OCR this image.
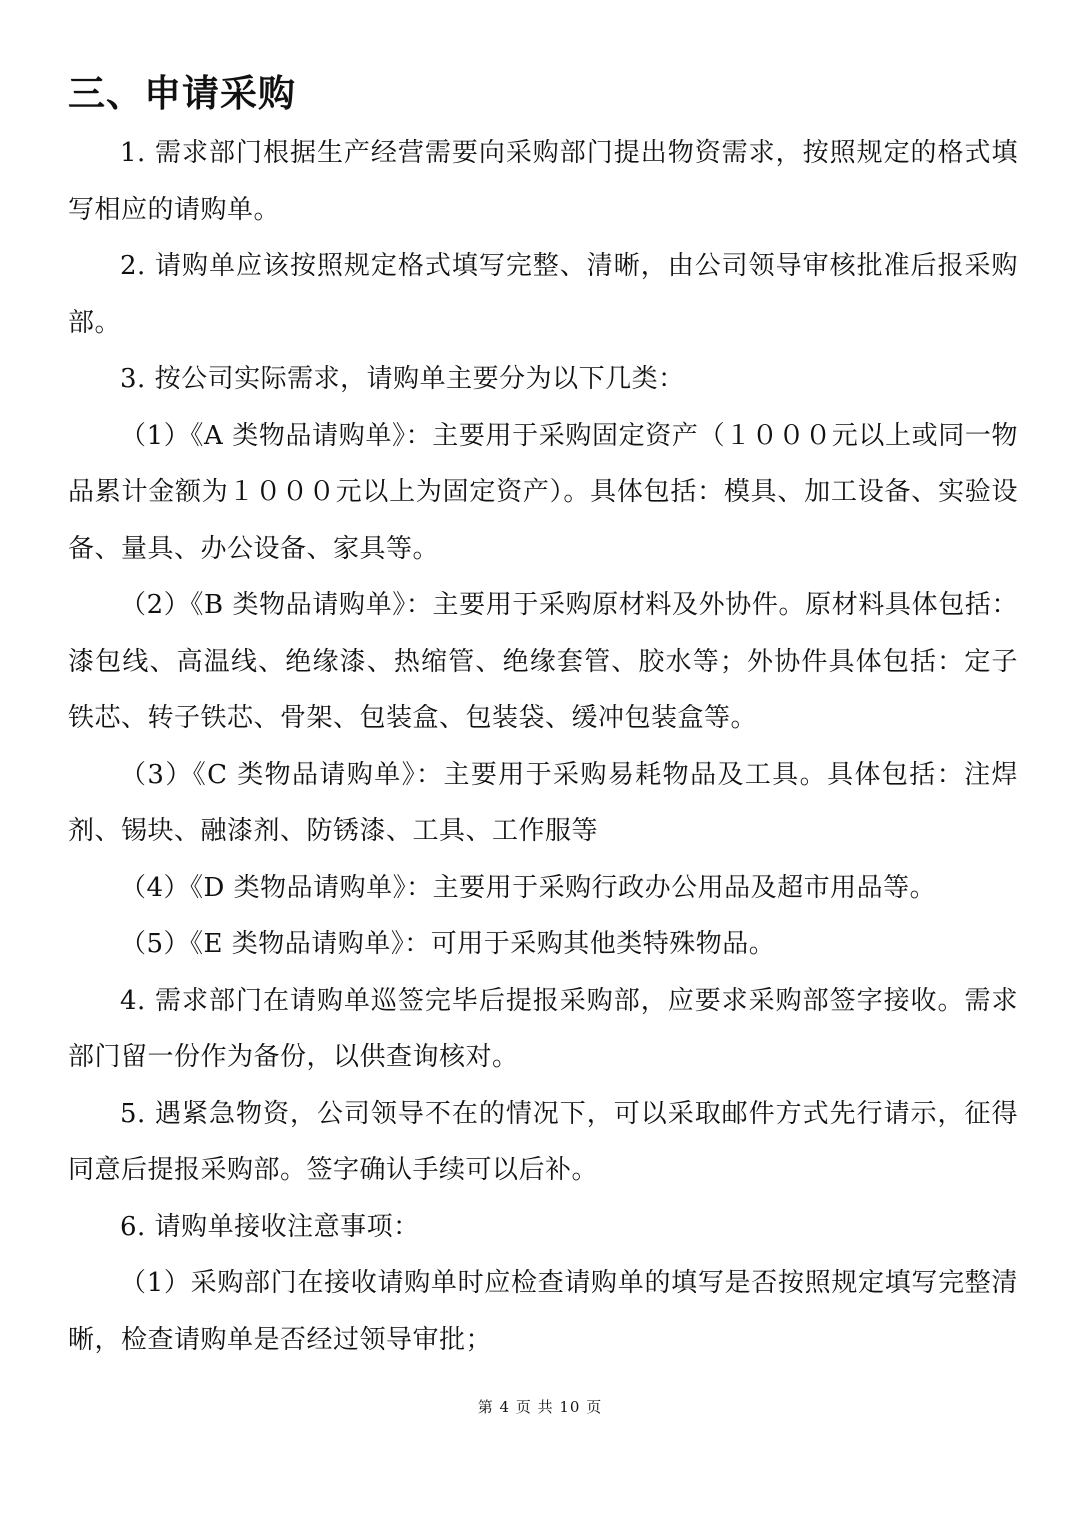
三、申请采购

1. 需求部门根据生产经营需要向采购部门提出物资需求，按照规定的格式填写相应的请购单。

2. 请购单应该按照规定格式填写完整、清晰，由公司领导审核批准后报采购部。

3. 按公司实际需求，请购单主要分为以下几类：

（1）《A 类物品请购单》：主要用于采购固定资产（１０００元以上或同一物品累计金额为１０００元以上为固定资产）。具体包括：模具、加工设备、实验设备、量具、办公设备、家具等。

（2）《B 类物品请购单》：主要用于采购原材料及外协件。原材料具体包括：漆包线、高温线、绝缘漆、热缩管、绝缘套管、胶水等；外协件具体包括：定子铁芯、转子铁芯、骨架、包装盒、包装袋、缓冲包装盒等。

（3）《C 类物品请购单》：主要用于采购易耗物品及工具。具体包括：注焊剂、锡块、融漆剂、防锈漆、工具、工作服等

（4）《D 类物品请购单》：主要用于采购行政办公用品及超市用品等。

（5）《E 类物品请购单》：可用于采购其他类特殊物品。

4. 需求部门在请购单巡签完毕后提报采购部，应要求采购部签字接收。需求部门留一份作为备份，以供查询核对。

5. 遇紧急物资，公司领导不在的情况下，可以采取邮件方式先行请示，征得同意后提报采购部。签字确认手续可以后补。

6. 请购单接收注意事项：

（1）采购部门在接收请购单时应检查请购单的填写是否按照规定填写完整清晰，检查请购单是否经过领导审批；

第 4 页 共 10 页
